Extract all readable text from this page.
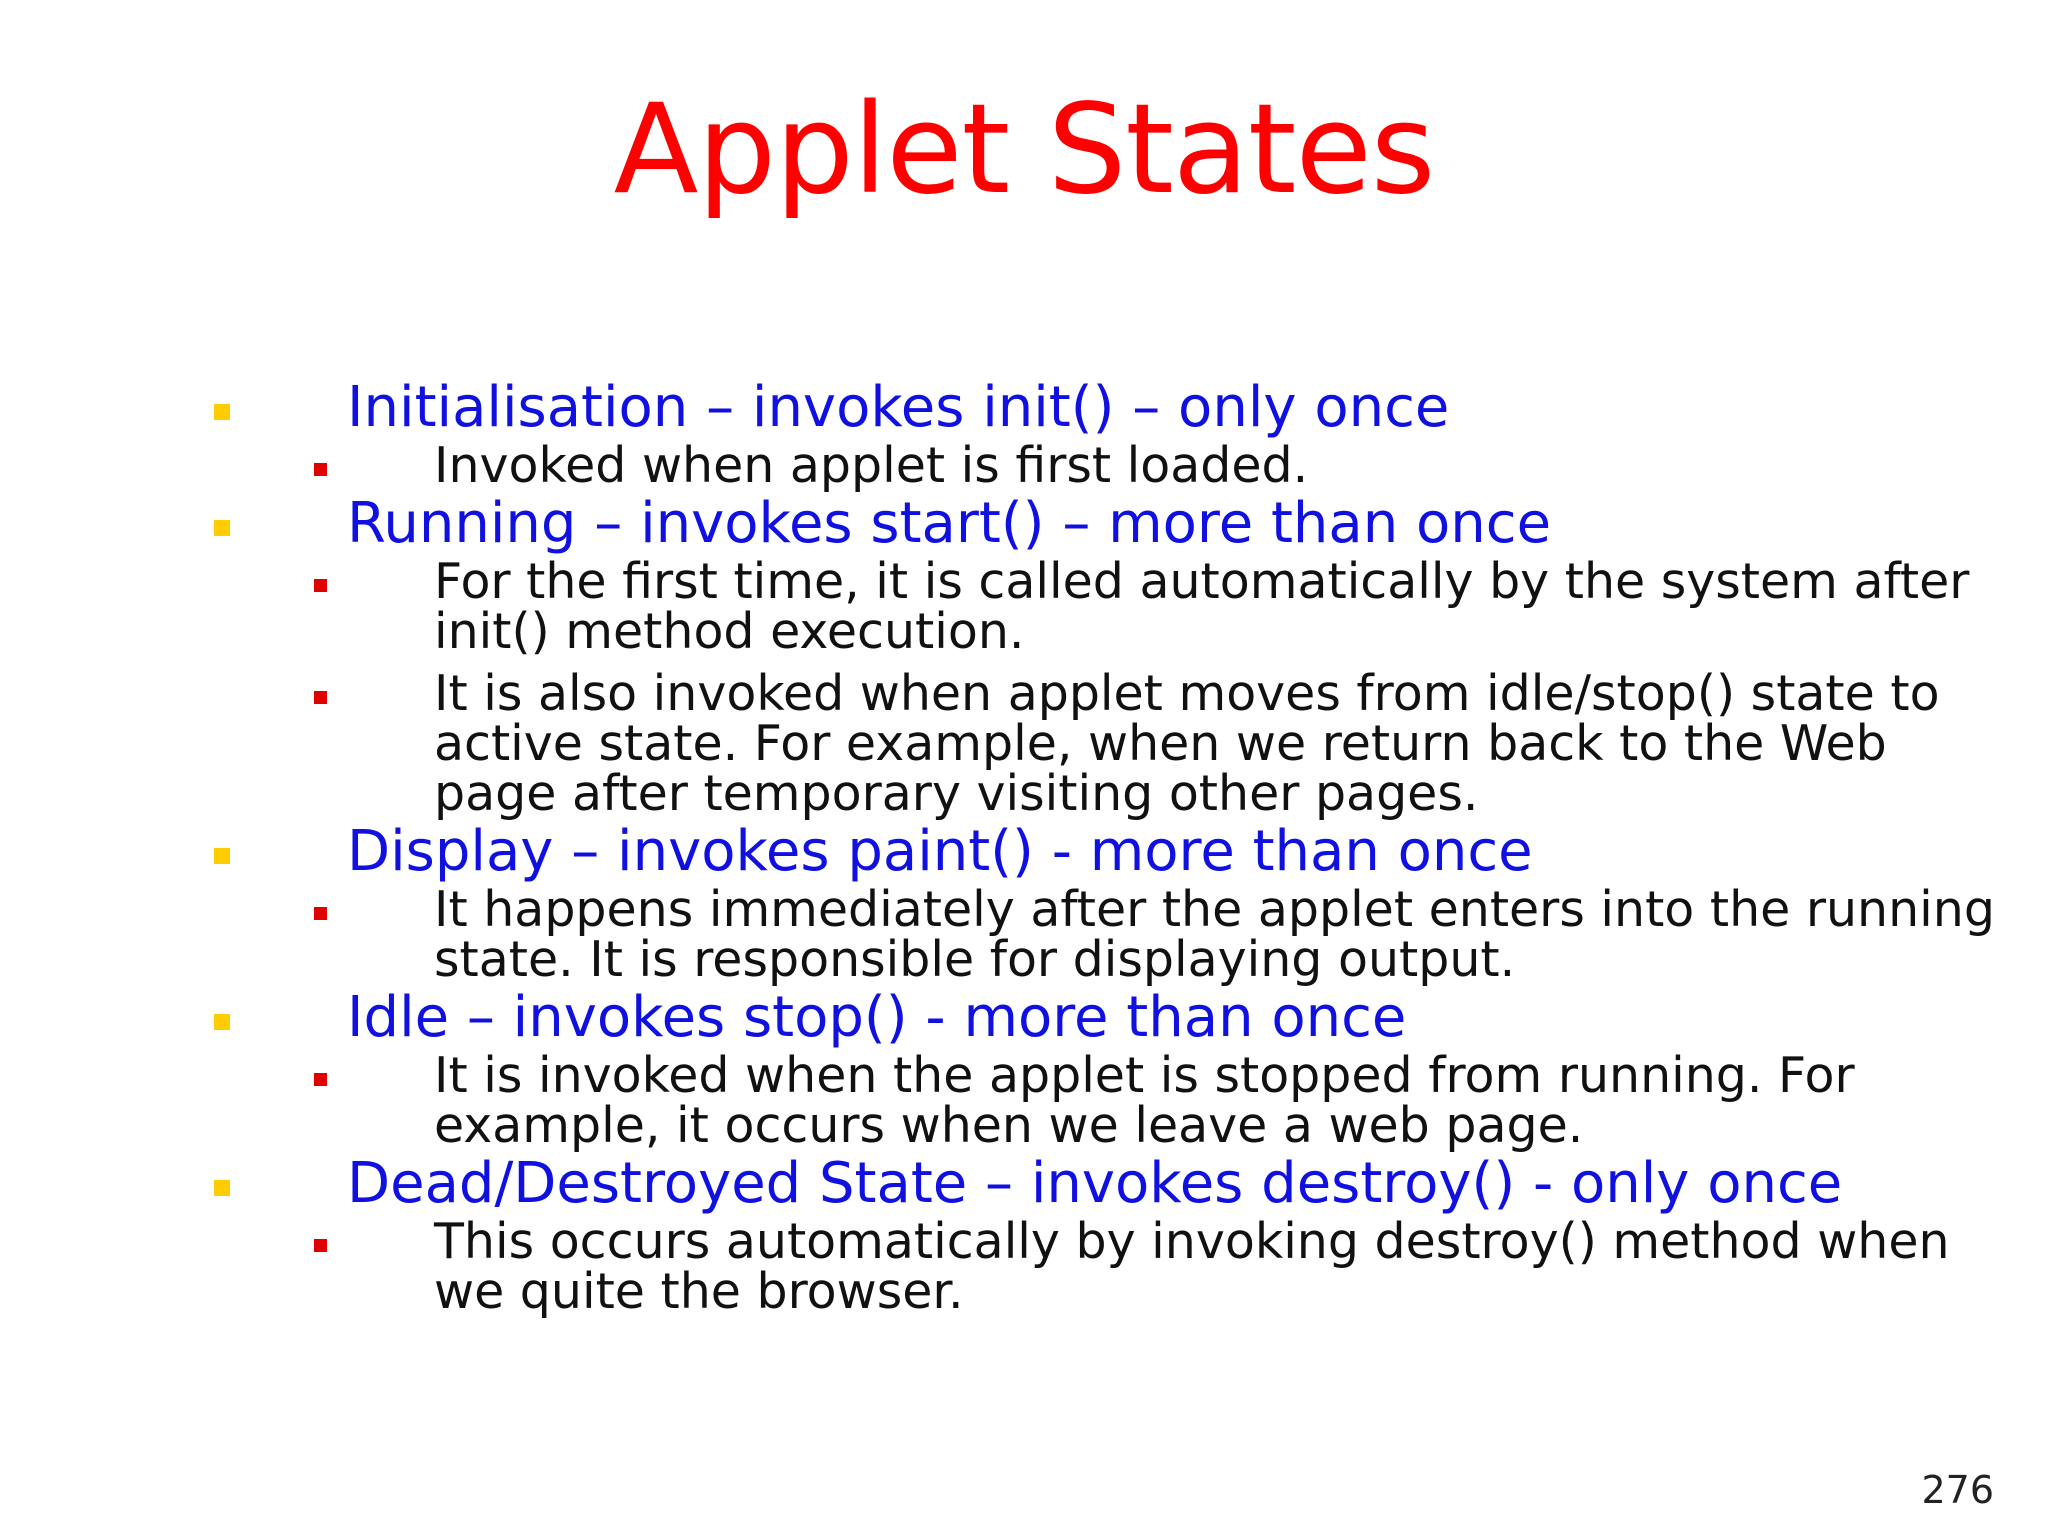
Applet States
Initialisation – invokes init() – only once
Invoked when applet is first loaded.
Running – invokes start() – more than once
For the first time, it is called automatically by the system after init() method execution.
It is also invoked when applet moves from idle/stop() state to active state. For example, when we return back to the Web page after temporary visiting other pages.
Display – invokes paint() - more than once
It happens immediately after the applet enters into the running state. It is responsible for displaying output.
Idle – invokes stop() - more than once
It is invoked when the applet is stopped from running. For example, it occurs when we leave a web page.
Dead/Destroyed State – invokes destroy() - only once
This occurs automatically by invoking destroy() method when we quite the browser.
276
